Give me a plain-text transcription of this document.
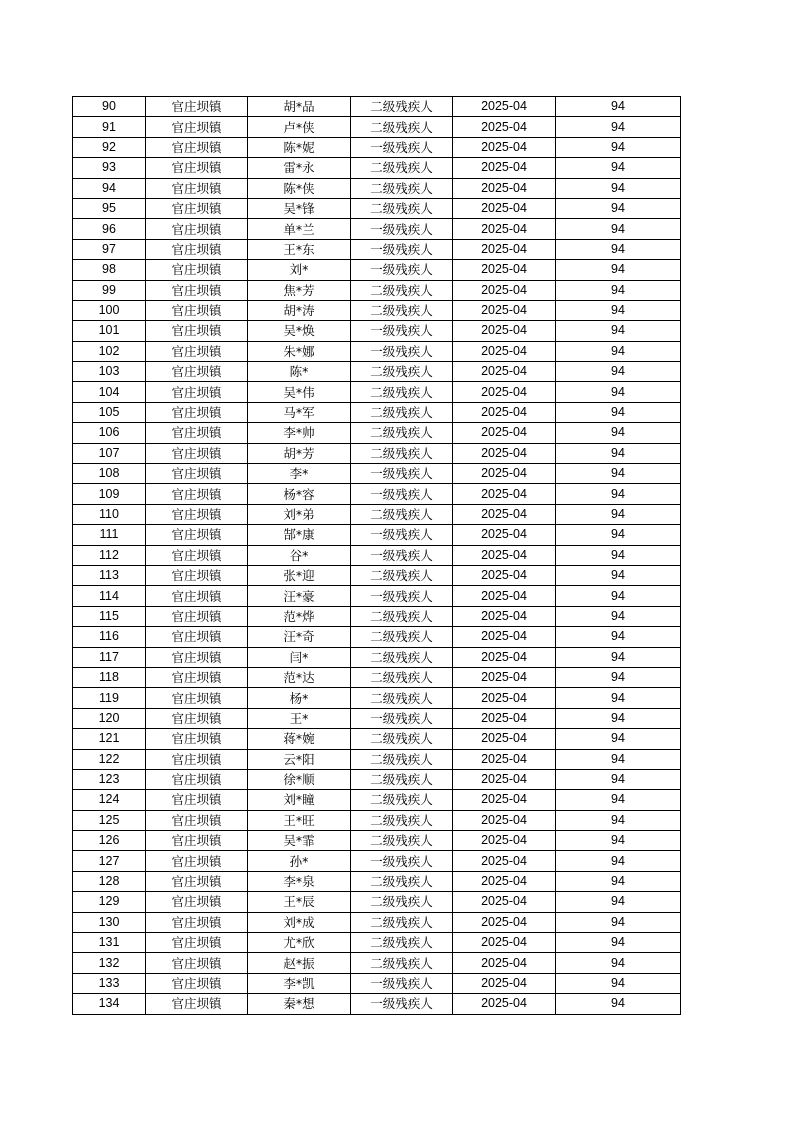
90	官庄坝镇	胡*品	二级残疾人	2025-04	94
91	官庄坝镇	卢*侠	二级残疾人	2025-04	94
92	官庄坝镇	陈*妮	一级残疾人	2025-04	94
93	官庄坝镇	雷*永	二级残疾人	2025-04	94
94	官庄坝镇	陈*侠	二级残疾人	2025-04	94
95	官庄坝镇	吴*锋	二级残疾人	2025-04	94
96	官庄坝镇	单*兰	一级残疾人	2025-04	94
97	官庄坝镇	王*东	一级残疾人	2025-04	94
98	官庄坝镇	刘*	一级残疾人	2025-04	94
99	官庄坝镇	焦*芳	二级残疾人	2025-04	94
100	官庄坝镇	胡*涛	二级残疾人	2025-04	94
101	官庄坝镇	吴*焕	一级残疾人	2025-04	94
102	官庄坝镇	朱*娜	一级残疾人	2025-04	94
103	官庄坝镇	陈*	二级残疾人	2025-04	94
104	官庄坝镇	吴*伟	二级残疾人	2025-04	94
105	官庄坝镇	马*军	二级残疾人	2025-04	94
106	官庄坝镇	李*帅	二级残疾人	2025-04	94
107	官庄坝镇	胡*芳	二级残疾人	2025-04	94
108	官庄坝镇	李*	一级残疾人	2025-04	94
109	官庄坝镇	杨*容	一级残疾人	2025-04	94
110	官庄坝镇	刘*弟	二级残疾人	2025-04	94
111	官庄坝镇	郜*康	一级残疾人	2025-04	94
112	官庄坝镇	谷*	一级残疾人	2025-04	94
113	官庄坝镇	张*迎	二级残疾人	2025-04	94
114	官庄坝镇	汪*豪	一级残疾人	2025-04	94
115	官庄坝镇	范*烨	二级残疾人	2025-04	94
116	官庄坝镇	汪*奇	二级残疾人	2025-04	94
117	官庄坝镇	闫*	二级残疾人	2025-04	94
118	官庄坝镇	范*达	二级残疾人	2025-04	94
119	官庄坝镇	杨*	二级残疾人	2025-04	94
120	官庄坝镇	王*	一级残疾人	2025-04	94
121	官庄坝镇	蒋*婉	二级残疾人	2025-04	94
122	官庄坝镇	云*阳	二级残疾人	2025-04	94
123	官庄坝镇	徐*顺	二级残疾人	2025-04	94
124	官庄坝镇	刘*瞳	二级残疾人	2025-04	94
125	官庄坝镇	王*旺	二级残疾人	2025-04	94
126	官庄坝镇	吴*霏	二级残疾人	2025-04	94
127	官庄坝镇	孙*	一级残疾人	2025-04	94
128	官庄坝镇	李*泉	二级残疾人	2025-04	94
129	官庄坝镇	王*辰	二级残疾人	2025-04	94
130	官庄坝镇	刘*成	二级残疾人	2025-04	94
131	官庄坝镇	尤*欣	二级残疾人	2025-04	94
132	官庄坝镇	赵*振	二级残疾人	2025-04	94
133	官庄坝镇	李*凯	一级残疾人	2025-04	94
134	官庄坝镇	秦*想	一级残疾人	2025-04	94
